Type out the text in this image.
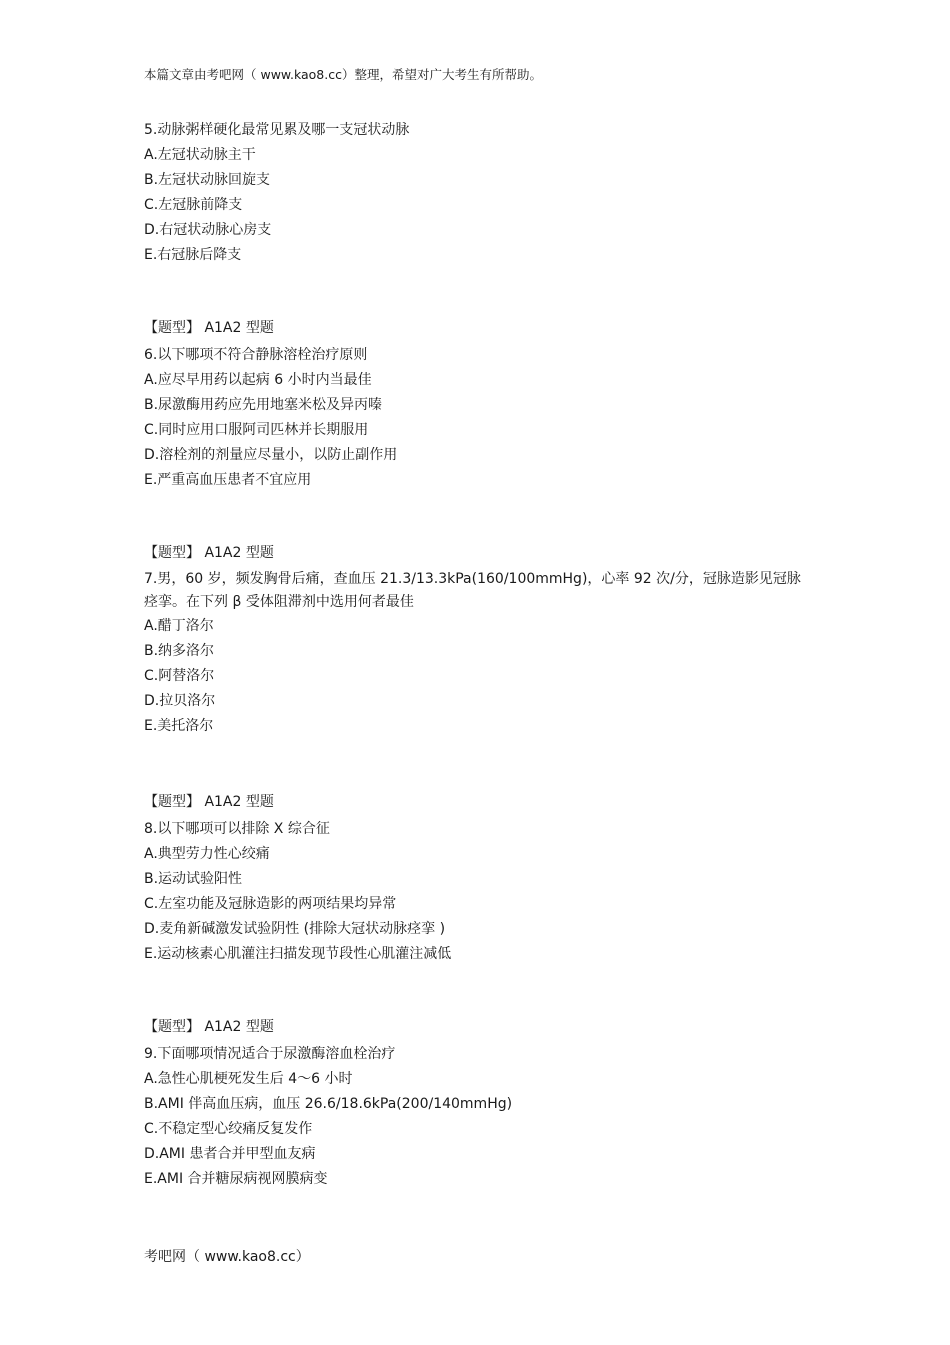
本篇文章由考吧网（ www.kao8.cc）整理，希望对广大考生有所帮助。
5.动脉粥样硬化最常见累及哪一支冠状动脉
A.左冠状动脉主干
B.左冠状动脉回旋支
C.左冠脉前降支
D.右冠状动脉心房支
E.右冠脉后降支
【题型】 A1A2 型题
6.以下哪项不符合静脉溶栓治疗原则
A.应尽早用药以起病 6 小时内当最佳
B.尿激酶用药应先用地塞米松及异丙嗪
C.同时应用口服阿司匹林并长期服用
D.溶栓剂的剂量应尽量小，以防止副作用
E.严重高血压患者不宜应用
【题型】 A1A2 型题
7.男，60 岁，频发胸骨后痛，查血压 21.3/13.3kPa(160/100mmHg)，心率 92 次/分，冠脉造影见冠脉痉挛。在下列 β 受体阻滞剂中选用何者最佳
A.醋丁洛尔
B.纳多洛尔
C.阿替洛尔
D.拉贝洛尔
E.美托洛尔
【题型】 A1A2 型题
8.以下哪项可以排除 X 综合征
A.典型劳力性心绞痛
B.运动试验阳性
C.左室功能及冠脉造影的两项结果均异常
D.麦角新碱激发试验阴性 (排除大冠状动脉痉挛 )
E.运动核素心肌灌注扫描发现节段性心肌灌注减低
【题型】 A1A2 型题
9.下面哪项情况适合于尿激酶溶血栓治疗
A.急性心肌梗死发生后 4～6 小时
B.AMI 伴高血压病，血压 26.6/18.6kPa(200/140mmHg)
C.不稳定型心绞痛反复发作
D.AMI 患者合并甲型血友病
E.AMI 合并糖尿病视网膜病变
考吧网（ www.kao8.cc）
